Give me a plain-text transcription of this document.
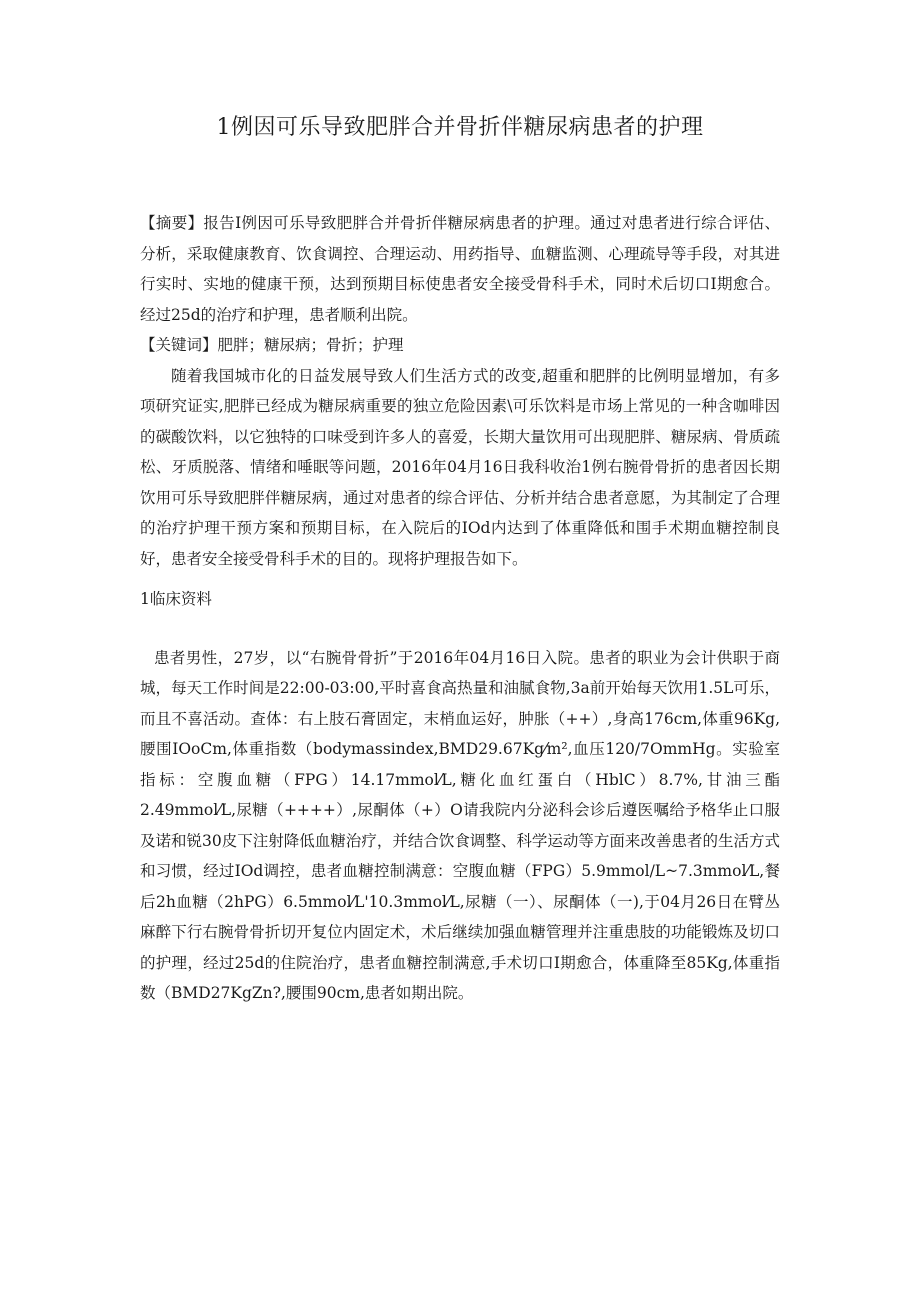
1例因可乐导致肥胖合并骨折伴糖尿病患者的护理

【摘要】报告I例因可乐导致肥胖合并骨折伴糖尿病患者的护理。通过对患者进行综合评估、分析，采取健康教育、饮食调控、合理运动、用药指导、血糖监测、心理疏导等手段，对其进行实时、实地的健康干预，达到预期目标使患者安全接受骨科手术，同时术后切口I期愈合。经过25d的治疗和护理，患者顺利出院。

【关键词】肥胖；糖尿病；骨折；护理

随着我国城市化的日益发展导致人们生活方式的改变,超重和肥胖的比例明显增加，有多项研究证实,肥胖已经成为糖尿病重要的独立危险因素\可乐饮料是市场上常见的一种含咖啡因的碳酸饮料，以它独特的口味受到许多人的喜爱，长期大量饮用可出现肥胖、糖尿病、骨质疏松、牙质脱落、情绪和唾眠等问题，2016年04月16日我科收治1例右腕骨骨折的患者因长期饮用可乐导致肥胖伴糖尿病，通过对患者的综合评估、分析并结合患者意愿，为其制定了合理的治疗护理干预方案和预期目标，在入院后的IOd内达到了体重降低和围手术期血糖控制良好，患者安全接受骨科手术的目的。现将护理报告如下。

1临床资料

患者男性，27岁，以“右腕骨骨折”于2016年04月16日入院。患者的职业为会计供职于商城，每天工作时间是22:00-03:00,平时喜食高热量和油腻食物,3a前开始每天饮用1.5L可乐，而且不喜活动。查体：右上肢石膏固定，末梢血运好，肿胀（++）,身高176cm,体重96Kg,腰围IOoCm,体重指数（bodymassindex,BMD29.67Kg⁄m²,血压120/7OmmHg。实验室指标：空腹血糖（FPG）14.17mmol⁄L,糖化血红蛋白（HblC）8.7%,甘油三酯2.49mmol⁄L,尿糖（++++）,尿酮体（+）O请我院内分泌科会诊后遵医嘱给予格华止口服及诺和锐30皮下注射降低血糖治疗，并结合饮食调整、科学运动等方面来改善患者的生活方式和习惯，经过IOd调控，患者血糖控制满意：空腹血糖（FPG）5.9mmol/L~7.3mmol⁄L,餐后2h血糖（2hPG）6.5mmol⁄L'10.3mmol⁄L,尿糖（一）、尿酮体（一),于04月26日在臂丛麻醉下行右腕骨骨折切开复位内固定术，术后继续加强血糖管理并注重患肢的功能锻炼及切口的护理，经过25d的住院治疗，患者血糖控制满意,手术切口I期愈合，体重降至85Kg,体重指数（BMD27KgZn?,腰围90cm,患者如期出院。
